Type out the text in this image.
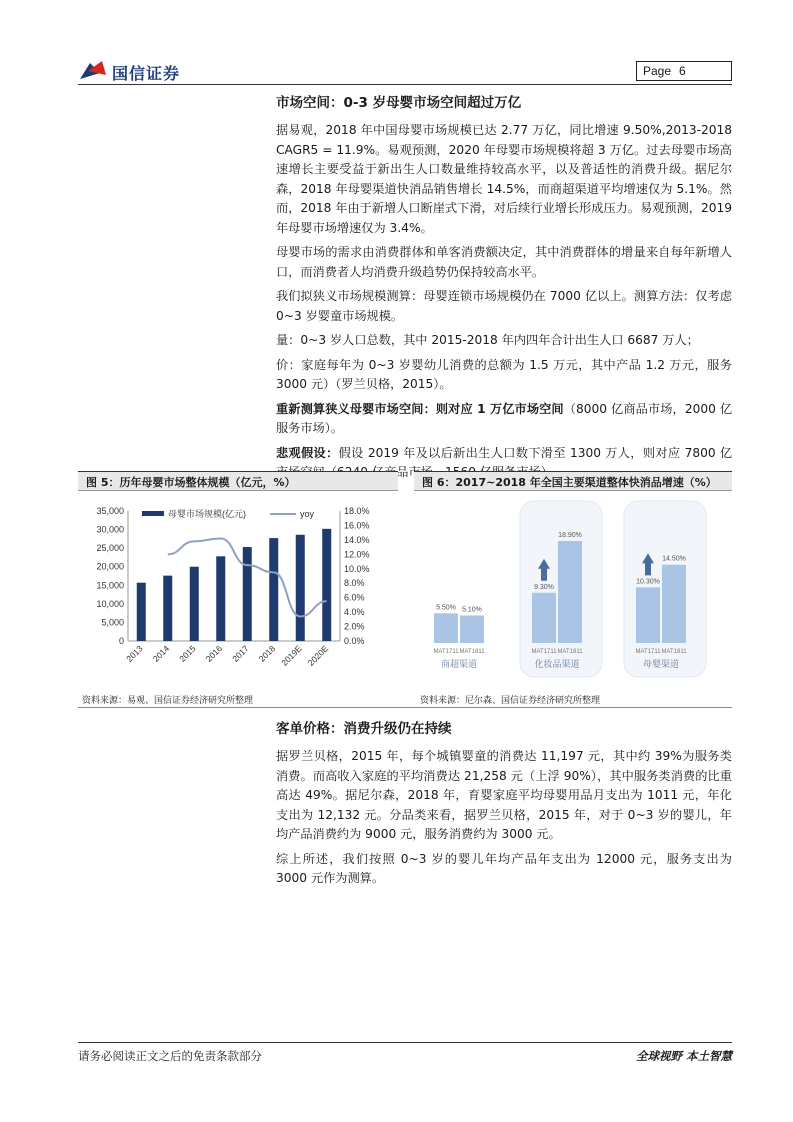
国信证券	Page 6
市场空间：0-3 岁母婴市场空间超过万亿

据易观，2018 年中国母婴市场规模已达 2.77 万亿，同比增速 9.50%,2013-2018 CAGR5 = 11.9%。易观预测，2020 年母婴市场规模将超 3 万亿。过去母婴市场高速增长主要受益于新出生人口数量维持较高水平，以及普适性的消费升级。据尼尔森，2018 年母婴渠道快消品销售增长 14.5%，而商超渠道平均增速仅为 5.1%。然而，2018 年由于新增人口断崖式下滑，对后续行业增长形成压力。易观预测，2019 年母婴市场增速仅为 3.4%。

母婴市场的需求由消费群体和单客消费额决定，其中消费群体的增量来自每年新增人口，而消费者人均消费升级趋势仍保持较高水平。

我们拟狭义市场规模测算：母婴连锁市场规模仍在 7000 亿以上。测算方法：仅考虑 0~3 岁婴童市场规模。

量：0~3 岁人口总数，其中 2015-2018 年内四年合计出生人口 6687 万人；

价：家庭每年为 0~3 岁婴幼儿消费的总额为 1.5 万元，其中产品 1.2 万元，服务 3000 元）（罗兰贝格，2015）。

重新测算狭义母婴市场空间：则对应 1 万亿市场空间（8000 亿商品市场，2000 亿服务市场）。

悲观假设：假设 2019 年及以后新出生人口数下滑至 1300 万人，则对应 7800 亿

图 5：历年母婴市场整体规模（亿元，%）
0
5,000
10,000
15,000
20,000
25,000
30,000
35,000
0.0%
2.0%
4.0%
6.0%
8.0%
10.0%
12.0%
14.0%
16.0%
18.0%
2013 2014 2015 2016 2017 2018 2019E 2020E
母婴市场规模(亿元)	yoy
资料来源：易观、国信证券经济研究所整理
图 6：2017~2018 年全国主要渠道整体快消品增速（%）
5.50%
MAT1711
5.10%
MAT1811
商超渠道
9.30%
MAT1711
18.90%
MAT1811
化妆品渠道
10.30%
MAT1711
14.50%
MAT1811
母婴渠道
资料来源：尼尔森、国信证券经济研究所整理
客单价格：消费升级仍在持续

据罗兰贝格，2015 年，每个城镇婴童的消费达 11,197 元，其中约 39%为服务类消费。而高收入家庭的平均消费达 21,258 元（上浮 90%），其中服务类消费的比重高达 49%。据尼尔森，2018 年，育婴家庭平均母婴用品月支出为 1011 元，年化支出为 12,132 元。分品类来看，据罗兰贝格，2015 年，对于 0~3 岁的婴儿，年均产品消费约为 9000 元，服务消费约为 3000 元。

综上所述，我们按照 0~3 岁的婴儿年均产品年支出为 12000 元，服务支出为 3000 元作为测算。

请务必阅读正文之后的免责条款部分	全球视野 本土智慧
